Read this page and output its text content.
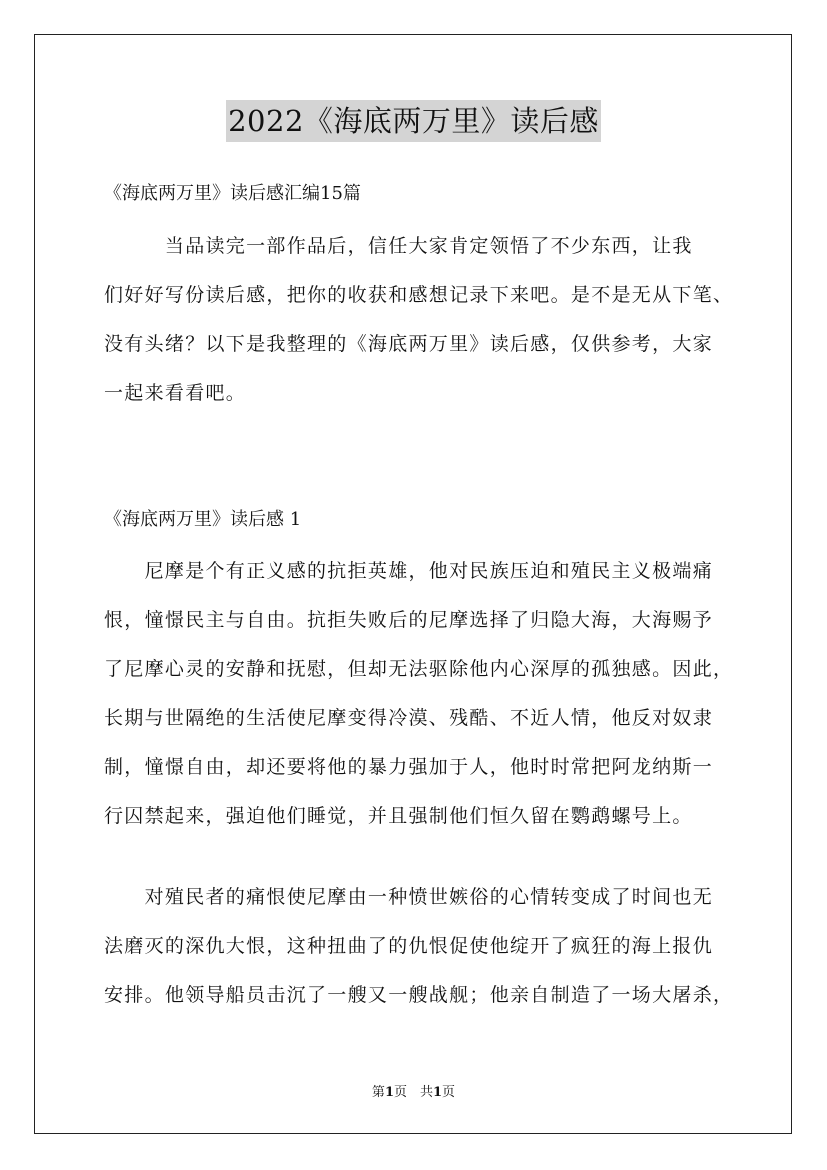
2022《海底两万里》读后感
《海底两万里》读后感汇编15篇
　　　当品读完一部作品后，信任大家肯定领悟了不少东西，让我
们好好写份读后感，把你的收获和感想记录下来吧。是不是无从下笔、
没有头绪？以下是我整理的《海底两万里》读后感，仅供参考，大家
一起来看看吧。
《海底两万里》读后感 1
　　尼摩是个有正义感的抗拒英雄，他对民族压迫和殖民主义极端痛
恨，憧憬民主与自由。抗拒失败后的尼摩选择了归隐大海，大海赐予
了尼摩心灵的安静和抚慰，但却无法驱除他内心深厚的孤独感。因此，
长期与世隔绝的生活使尼摩变得冷漠、残酷、不近人情，他反对奴隶
制，憧憬自由，却还要将他的暴力强加于人，他时时常把阿龙纳斯一
行囚禁起来，强迫他们睡觉，并且强制他们恒久留在鹦鹉螺号上。
　　对殖民者的痛恨使尼摩由一种愤世嫉俗的心情转变成了时间也无
法磨灭的深仇大恨，这种扭曲了的仇恨促使他绽开了疯狂的海上报仇
安排。他领导船员击沉了一艘又一艘战舰；他亲自制造了一场大屠杀，
第1页　共1页
